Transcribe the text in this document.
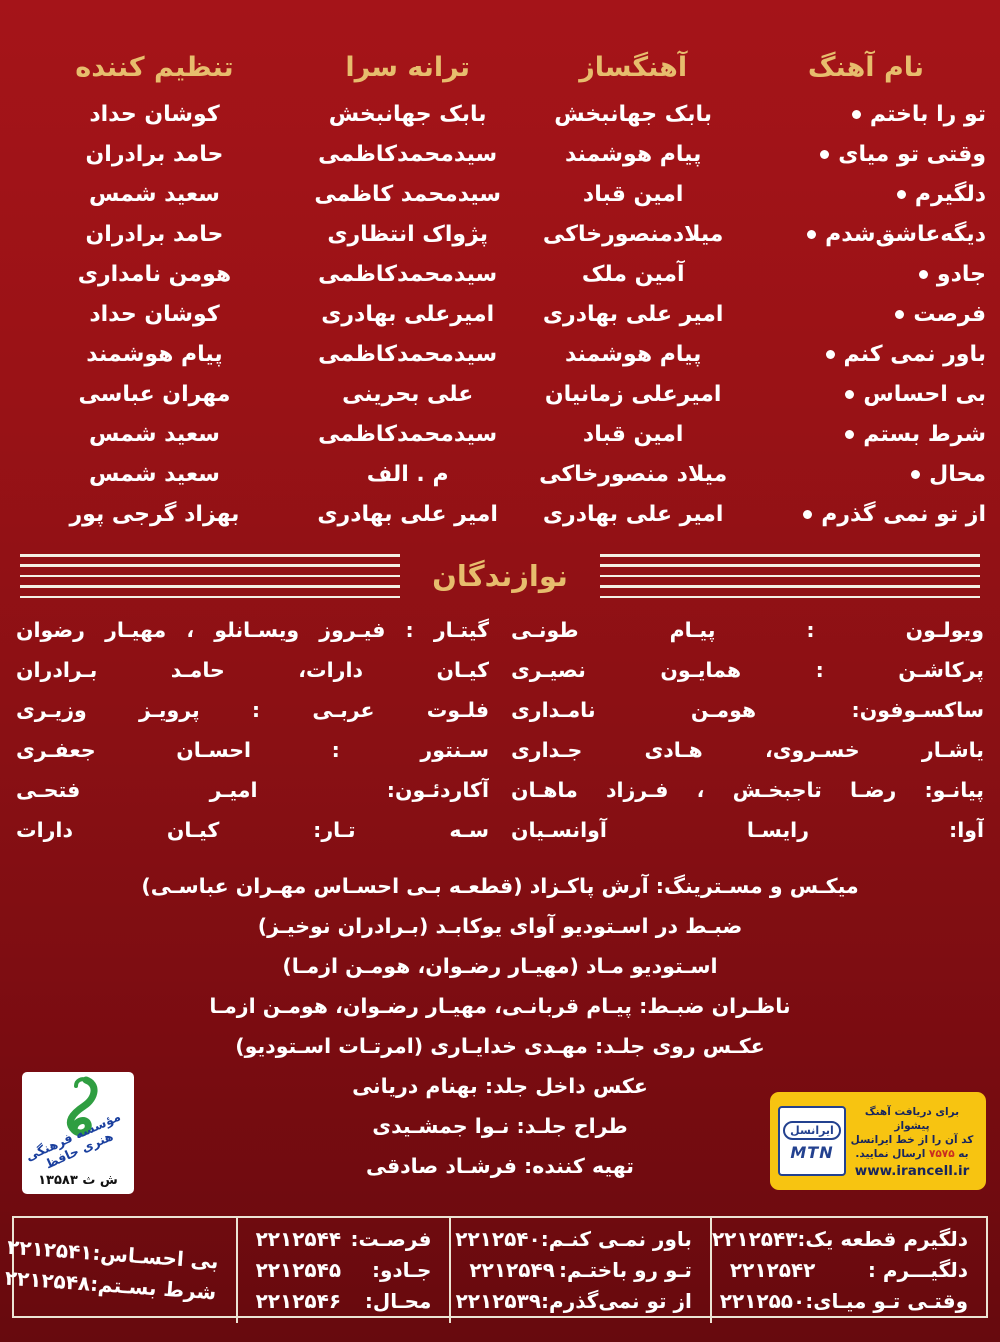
نام آهنگ
تو را باختم
وقتی تو میای
دلگیرم
دیگه‌عاشق‌شدم
جادو
فرصت
باور نمی کنم
بی احساس
شرط بستم
محال
از تو نمی گذرم
آهنگساز
بابک جهانبخش
پیام هوشمند
امین قباد
میلادمنصورخاکی
آمین ملک
امیر علی بهادری
پیام هوشمند
امیرعلی زمانیان
امین قباد
میلاد منصورخاکی
امیر علی بهادری
ترانه سرا
بابک جهانبخش
سیدمحمدکاظمی
سیدمحمد کاظمی
پژواک انتظاری
سیدمحمدکاظمی
امیرعلی بهادری
سیدمحمدکاظمی
علی بحرینی
سیدمحمدکاظمی
م . الف
امیر علی بهادری
تنظیم کننده
کوشان حداد
حامد برادران
سعید شمس
حامد برادران
هومن نامداری
کوشان حداد
پیام هوشمند
مهران عباسی
سعید شمس
سعید شمس
بهزاد گرجی پور
نوازندگان
ویولـون : پیـام طونـی
پرکاشـن : همایـون نصیـری
ساکسـوفون: هومـن نامـداری
یاشـار خسـروی، هـادی جـداری
پیانـو: رضـا تاجبخـش ، فـرزاد ماهـان
آوا: رایسـا آوانسـیان
گیتـار : فیـروز ویسـانلو ، مهیـار رضوان
کیـان دارات، حامـد بـرادران
فلـوت عربـی : پرویـز وزیـری
سـنتور : احسـان جعفـری
آکاردئـون: امیـر فتحـی
سـه تـار: کیـان دارات
میکـس و مسـترینگ: آرش پاکـزاد (قطعـه بـی احسـاس مهـران عباسـی)
ضبـط در اسـتودیو آوای یوکابـد (بـرادران نوخیـز)
اسـتودیو مـاد (مهیـار رضـوان، هومـن ازمـا)
ناظـران ضبـط: پیـام قربانـی، مهیـار رضـوان، هومـن ازمـا
عکـس روی جلـد: مهـدی خدایـاری (امرتـات اسـتودیو)
عکس داخل جلد: بهنام دریانی
طراح جلـد: نـوا جمشـیدی
تهیه کننده: فرشـاد صادقی
مؤسسه فرهنگی هنری حافظ
ش ث ۱۳۵۸۳
ایرانسل
MTN
برای دریافت آهنگ پیشواز
کد آن را از خط ایرانسل
به ۷۵۷۵ ارسال نمایید.
www.irancell.ir
دلگیرم قطعه یک:
۲۲۱۲۵۴۳
دلگیـــرم :
۲۲۱۲۵۴۲
وقتـی تـو میـای:
۲۲۱۲۵۵۰
باور نمـی کنـم:
۲۲۱۲۵۴۰
تـو رو باختـم:
۲۲۱۲۵۴۹
از تو نمی‌گذرم:
۲۲۱۲۵۳۹
فرصـت:
۲۲۱۲۵۴۴
جـادو:
۲۲۱۲۵۴۵
محـال:
۲۲۱۲۵۴۶
بی احسـاس:
۲۲۱۲۵۴۱
شرط بسـتم:
۲۲۱۲۵۴۸
